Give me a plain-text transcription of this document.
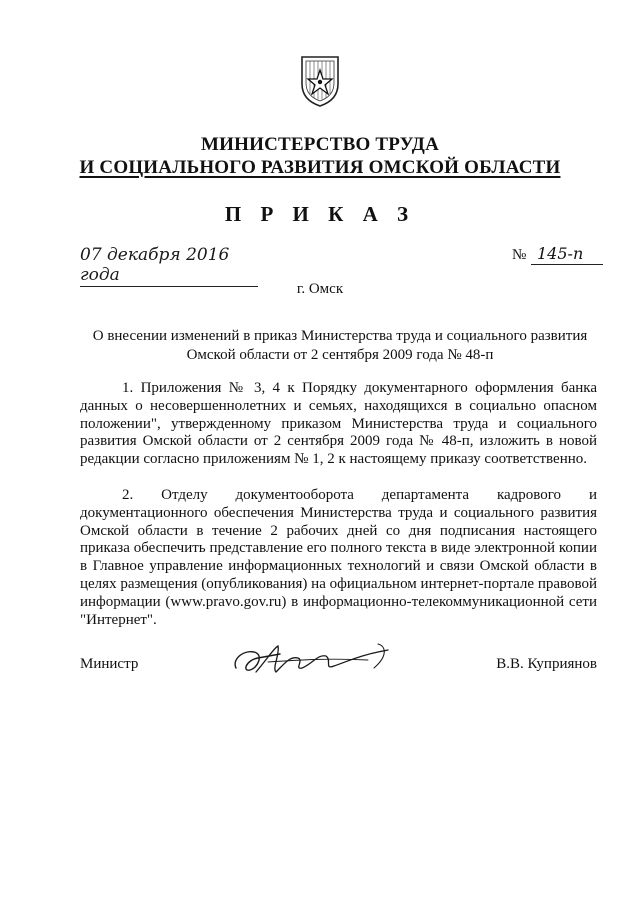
МИНИСТЕРСТВО ТРУДА
И СОЦИАЛЬНОГО РАЗВИТИЯ ОМСКОЙ ОБЛАСТИ
П Р И К А З
07 декабря 2016 года
№ 145-п
г. Омск
О внесении изменений в приказ Министерства труда и социального развития Омской области от 2 сентября 2009 года № 48-п
1. Приложения № 3, 4 к Порядку документарного оформления банка данных о несовершеннолетних и семьях, находящихся в социально опасном положении", утвержденному приказом Министерства труда и социального развития Омской области от 2 сентября 2009 года № 48-п, изложить в новой редакции согласно приложениям № 1, 2 к настоящему приказу соответственно.
2. Отделу документооборота департамента кадрового и документационного обеспечения Министерства труда и социального развития Омской области в течение 2 рабочих дней со дня подписания настоящего приказа обеспечить представление его полного текста в виде электронной копии в Главное управление информационных технологий и связи Омской области в целях размещения (опубликования) на официальном интернет-портале правовой информации (www.pravo.gov.ru) в информационно-телекоммуникационной сети "Интернет".
Министр	В.В. Куприянов
